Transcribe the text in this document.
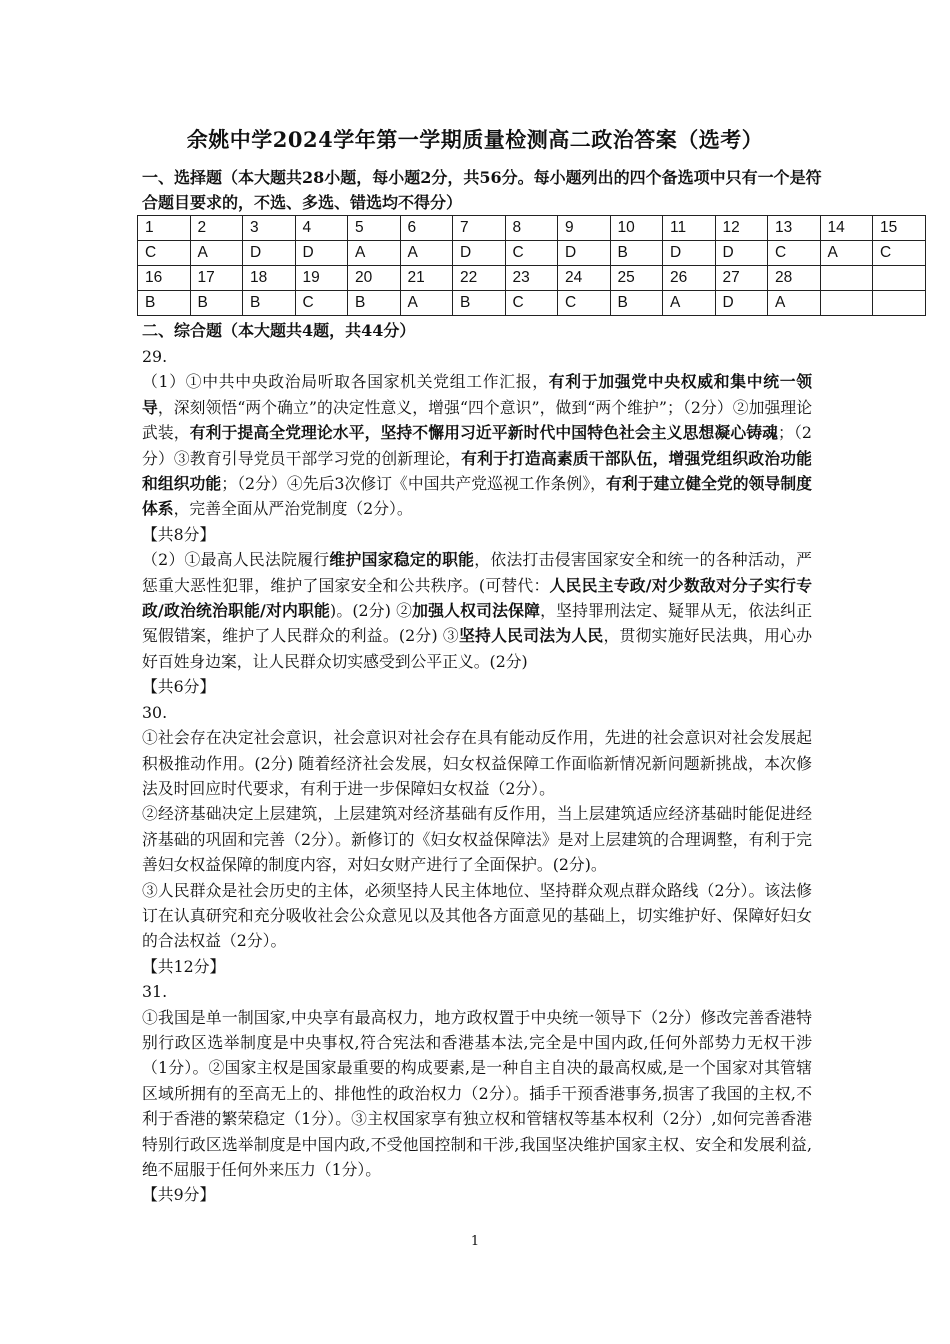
余姚中学2024学年第一学期质量检测高二政治答案（选考）
一、选择题（本大题共28小题，每小题2分，共56分。每小题列出的四个备选项中只有一个是符合题目要求的，不选、多选、错选均不得分）
1	2	3	4	5	6	7	8	9	10	11	12	13	14	15
C	A	D	D	A	A	D	C	D	B	D	D	C	A	C
16	17	18	19	20	21	22	23	24	25	26	27	28		
B	B	B	C	B	A	B	C	C	B	A	D	A		
二、综合题（本大题共4题，共44分）

29.

（1）①中共中央政治局听取各国家机关党组工作汇报，有利于加强党中央权威和集中统一领导，深刻领悟“两个确立”的决定性意义，增强“四个意识”，做到“两个维护”；（2分）②加强理论武装，有利于提高全党理论水平，坚持不懈用习近平新时代中国特色社会主义思想凝心铸魂；（2分）③教育引导党员干部学习党的创新理论，有利于打造高素质干部队伍，增强党组织政治功能和组织功能；（2分）④先后3次修订《中国共产党巡视工作条例》，有利于建立健全党的领导制度体系，完善全面从严治党制度（2分）。

【共8分】

（2）①最高人民法院履行维护国家稳定的职能，依法打击侵害国家安全和统一的各种活动，严惩重大恶性犯罪，维护了国家安全和公共秩序。(可替代：人民民主专政/对少数敌对分子实行专政/政治统治职能/对内职能)。(2分) ②加强人权司法保障，坚持罪刑法定、疑罪从无，依法纠正冤假错案，维护了人民群众的利益。(2分) ③坚持人民司法为人民，贯彻实施好民法典，用心办好百姓身边案，让人民群众切实感受到公平正义。(2分)

【共6分】

30.

①社会存在决定社会意识，社会意识对社会存在具有能动反作用，先进的社会意识对社会发展起积极推动作用。(2分) 随着经济社会发展，妇女权益保障工作面临新情况新问题新挑战，本次修法及时回应时代要求，有利于进一步保障妇女权益（2分）。

②经济基础决定上层建筑，上层建筑对经济基础有反作用，当上层建筑适应经济基础时能促进经济基础的巩固和完善（2分）。新修订的《妇女权益保障法》是对上层建筑的合理调整，有利于完善妇女权益保障的制度内容，对妇女财产进行了全面保护。(2分)。

③人民群众是社会历史的主体，必须坚持人民主体地位、坚持群众观点群众路线（2分）。该法修订在认真研究和充分吸收社会公众意见以及其他各方面意见的基础上，切实维护好、保障好妇女的合法权益（2分）。

【共12分】

31.

①我国是单一制国家,中央享有最高权力，地方政权置于中央统一领导下（2分）修改完善香港特别行政区选举制度是中央事权,符合宪法和香港基本法,完全是中国内政,任何外部势力无权干涉（1分）。②国家主权是国家最重要的构成要素,是一种自主自决的最高权威,是一个国家对其管辖区域所拥有的至高无上的、排他性的政治权力（2分）。插手干预香港事务,损害了我国的主权,不利于香港的繁荣稳定（1分）。③主权国家享有独立权和管辖权等基本权利（2分）,如何完善香港特别行政区选举制度是中国内政,不受他国控制和干涉,我国坚决维护国家主权、安全和发展利益,绝不屈服于任何外来压力（1分）。

【共9分】

1
